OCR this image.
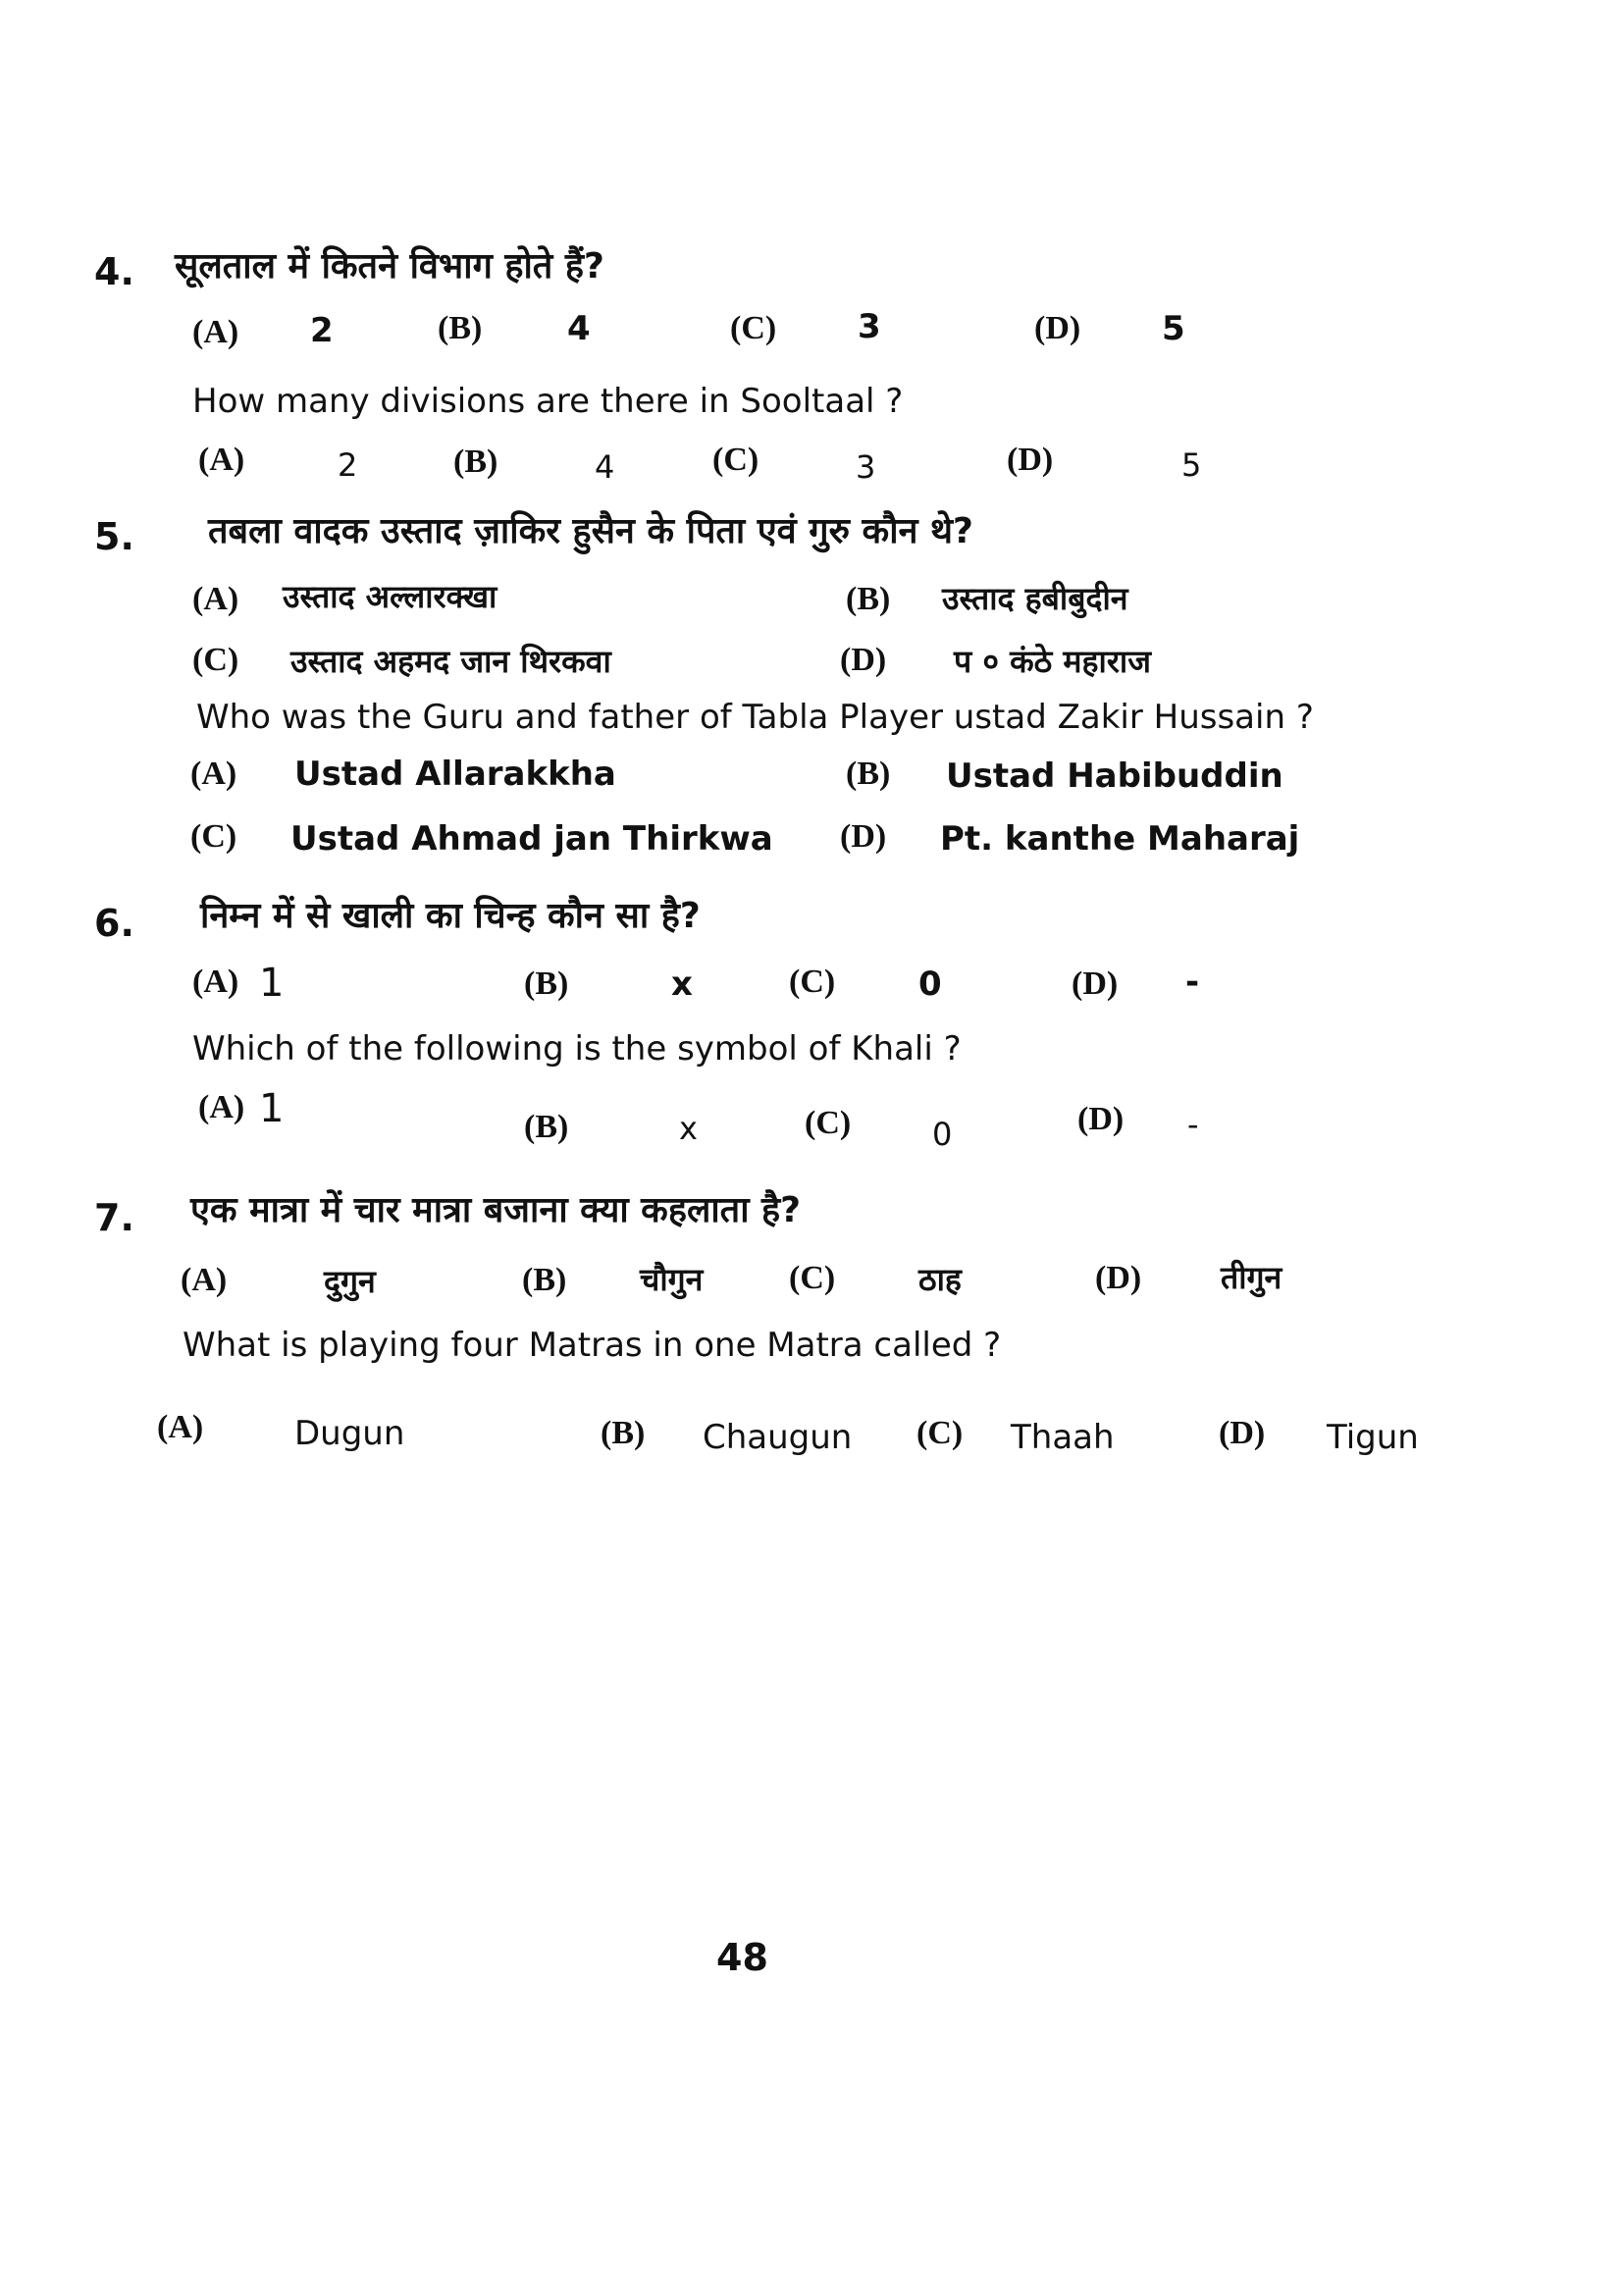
4. सूलताल में कितने विभाग होते हैं?
(A) 2	(B)	4	(C) 3	(D) 5
How many divisions are there in Sooltaal ?
(A)	2	(B)	4	(C)	3	(D)	5
5. तबला वादक उस्ताद ज़ाकिर हुसैन के पिता एवं गुरु कौन थे?
(A) उस्ताद अल्लारक्खा	(B) उस्ताद हबीबुदीन
(C) उस्ताद अहमद जान थिरकवा	(D) प ० कंठे महाराज
Who was the Guru and father of Tabla Player ustad Zakir Hussain ?
(A) Ustad Allarakkha	(B) Ustad Habibuddin
(C) Ustad Ahmad jan Thirkwa (D) Pt. kanthe Maharaj
6. निम्न में से खाली का चिन्ह कौन सा है?
(A) 1	(B)	x	(C) 0	(D) -
Which of the following is the symbol of Khali ?
(A) 1	(B)	x	(C)	0	(D) -
7. एक मात्रा में चार मात्रा बजाना क्या कहलाता है?
(A)	दुगुन	(B) चौगुन	(C)	ठाह	(D)	तीगुन
What is playing four Matras in one Matra called ?
(A)	Dugun	(B) Chaugun (C) Thaah	(D) Tigun
48
